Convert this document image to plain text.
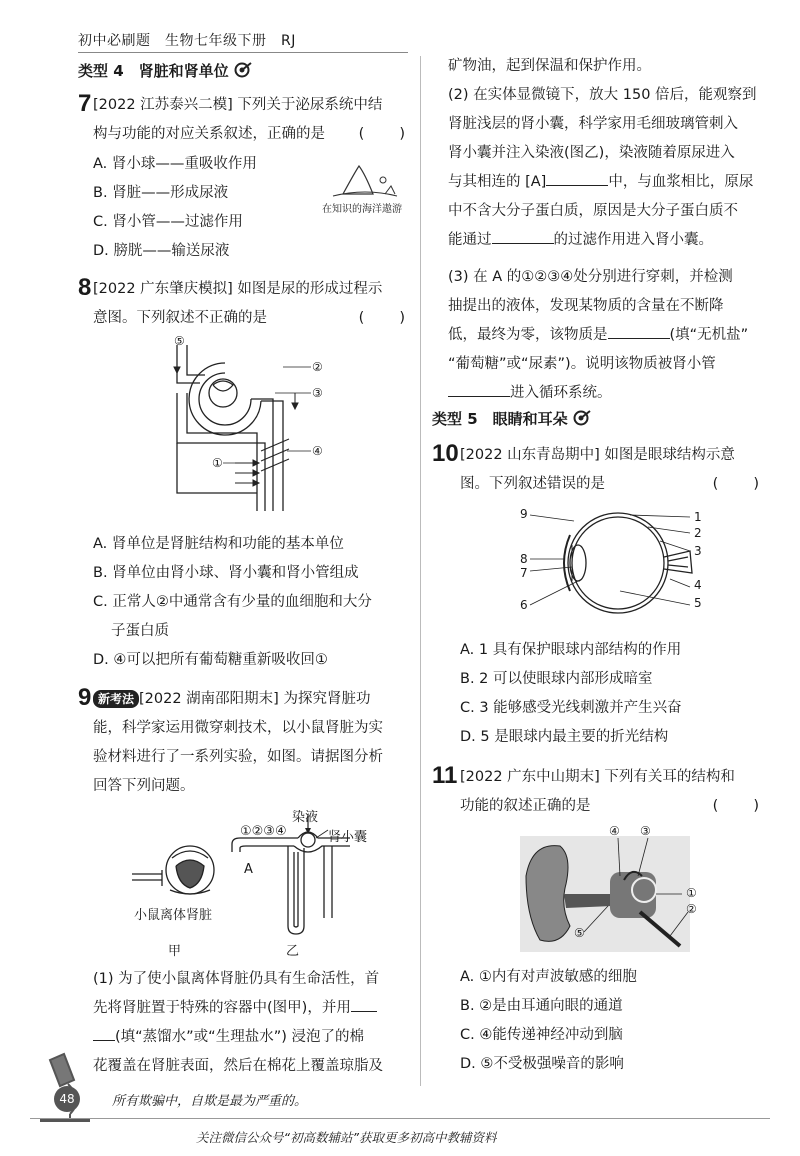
初中必刷题　生物七年级下册　RJ
类型 4　肾脏和肾单位
7 [2022 江苏泰兴二模] 下列关于泌尿系统中结
构与功能的对应关系叙述，正确的是 (　　)
A. 肾小球——重吸收作用
B. 肾脏——形成尿液
C. 肾小管——过滤作用
D. 膀胱——输送尿液
在知识的海洋遨游
8 [2022 广东肇庆模拟] 如图是尿的形成过程示
意图。下列叙述不正确的是	(　　)
⑤
②
③
④
①
A. 肾单位是肾脏结构和功能的基本单位
B. 肾单位由肾小球、肾小囊和肾小管组成
C. 正常人②中通常含有少量的血细胞和大分
子蛋白质
D. ④可以把所有葡萄糖重新吸收回①
9 新考法 [2022 湖南邵阳期末] 为探究肾脏功
能，科学家运用微穿刺技术，以小鼠肾脏为实
验材料进行了一系列实验，如图。请据图分析
回答下列问题。
小鼠离体肾脏
甲
染液
①②③④	肾小囊
A
乙
(1) 为了使小鼠离体肾脏仍具有生命活性，首
先将肾脏置于特殊的容器中(图甲)，并用
(填“蒸馏水”或“生理盐水”) 浸泡了的棉
花覆盖在肾脏表面，然后在棉花上覆盖琼脂及
矿物油，起到保温和保护作用。
(2) 在实体显微镜下，放大 150 倍后，能观察到
肾脏浅层的肾小囊，科学家用毛细玻璃管刺入
肾小囊并注入染液(图乙)，染液随着原尿进入
与其相连的 [A]	中，与血浆相比，原尿
中不含大分子蛋白质，原因是大分子蛋白质不
能通过	的过滤作用进入肾小囊。
(3) 在 A 的①②③④处分别进行穿刺，并检测
抽提出的液体，发现某物质的含量在不断降
低，最终为零，该物质是	(填“无机盐”
“葡萄糖”或“尿素”)。说明该物质被肾小管
进入循环系统。
类型 5　眼睛和耳朵
10 [2022 山东青岛期中] 如图是眼球结构示意
图。下列叙述错误的是	(　　)
9
8
7
6
1
2
3
4
5
A. 1 具有保护眼球内部结构的作用
B. 2 可以使眼球内部形成暗室
C. 3 能够感受光线刺激并产生兴奋
D. 5 是眼球内最主要的折光结构
11 [2022 广东中山期末] 下列有关耳的结构和
功能的叙述正确的是	(　　)
④ ③
①
②
⑤
A. ①内有对声波敏感的细胞
B. ②是由耳通向眼的通道
C. ④能传递神经冲动到脑
D. ⑤不受极强噪音的影响
48	所有欺骗中，自欺是最为严重的。
关注微信公众号“初高数辅站”获取更多初高中教辅资料
